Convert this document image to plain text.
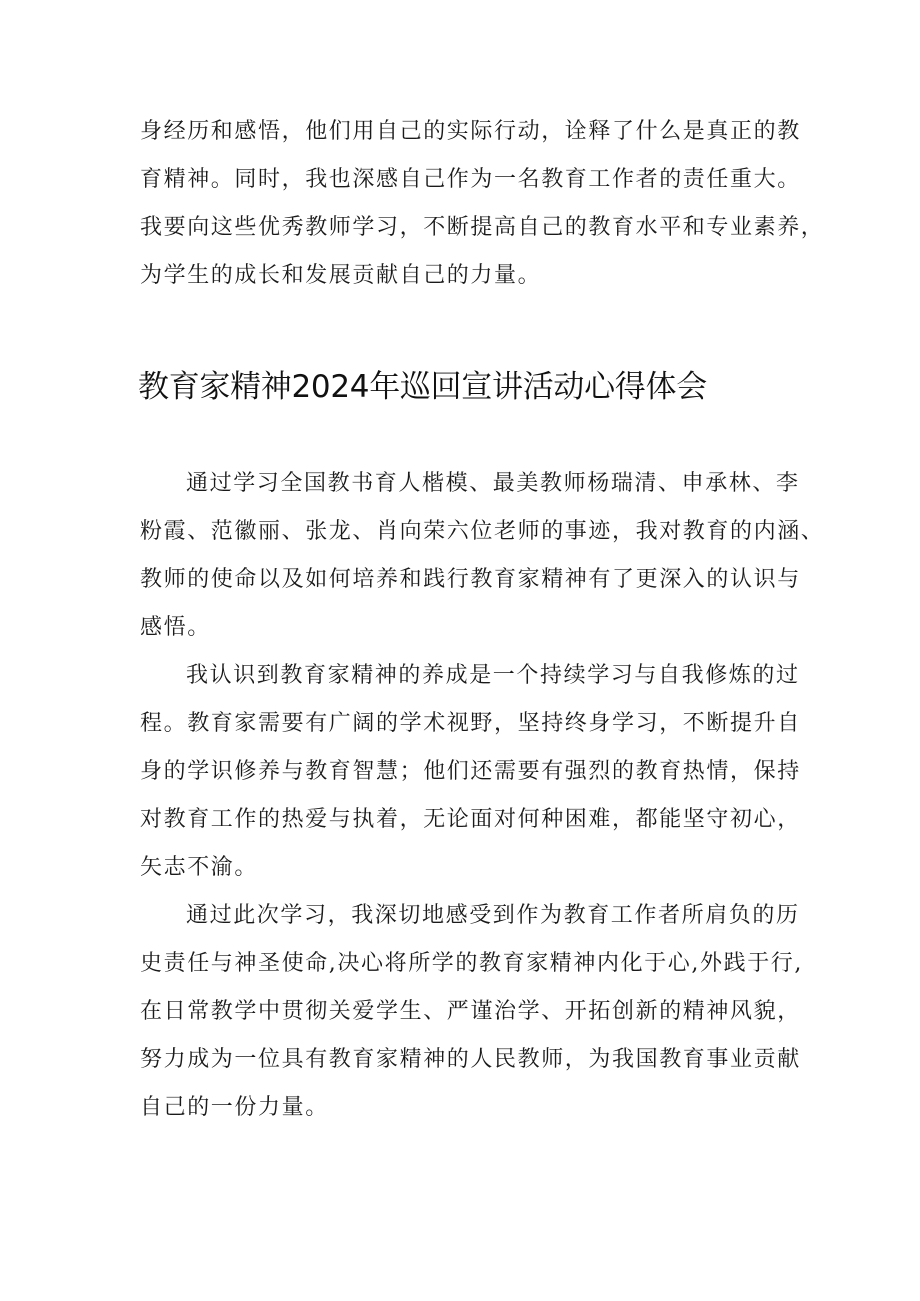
身经历和感悟，他们用自己的实际行动，诠释了什么是真正的教

育精神。同时，我也深感自己作为一名教育工作者的责任重大。

我要向这些优秀教师学习，不断提高自己的教育水平和专业素养，

为学生的成长和发展贡献自己的力量。

教育家精神2024年巡回宣讲活动心得体会

通过学习全国教书育人楷模、最美教师杨瑞清、申承林、李

粉霞、范徽丽、张龙、肖向荣六位老师的事迹，我对教育的内涵、

教师的使命以及如何培养和践行教育家精神有了更深入的认识与

感悟。

我认识到教育家精神的养成是一个持续学习与自我修炼的过

程。教育家需要有广阔的学术视野，坚持终身学习，不断提升自

身的学识修养与教育智慧；他们还需要有强烈的教育热情，保持

对教育工作的热爱与执着，无论面对何种困难，都能坚守初心，

矢志不渝。

通过此次学习，我深切地感受到作为教育工作者所肩负的历

史责任与神圣使命,决心将所学的教育家精神内化于心,外践于行,

在日常教学中贯彻关爱学生、严谨治学、开拓创新的精神风貌，

努力成为一位具有教育家精神的人民教师，为我国教育事业贡献

自己的一份力量。
